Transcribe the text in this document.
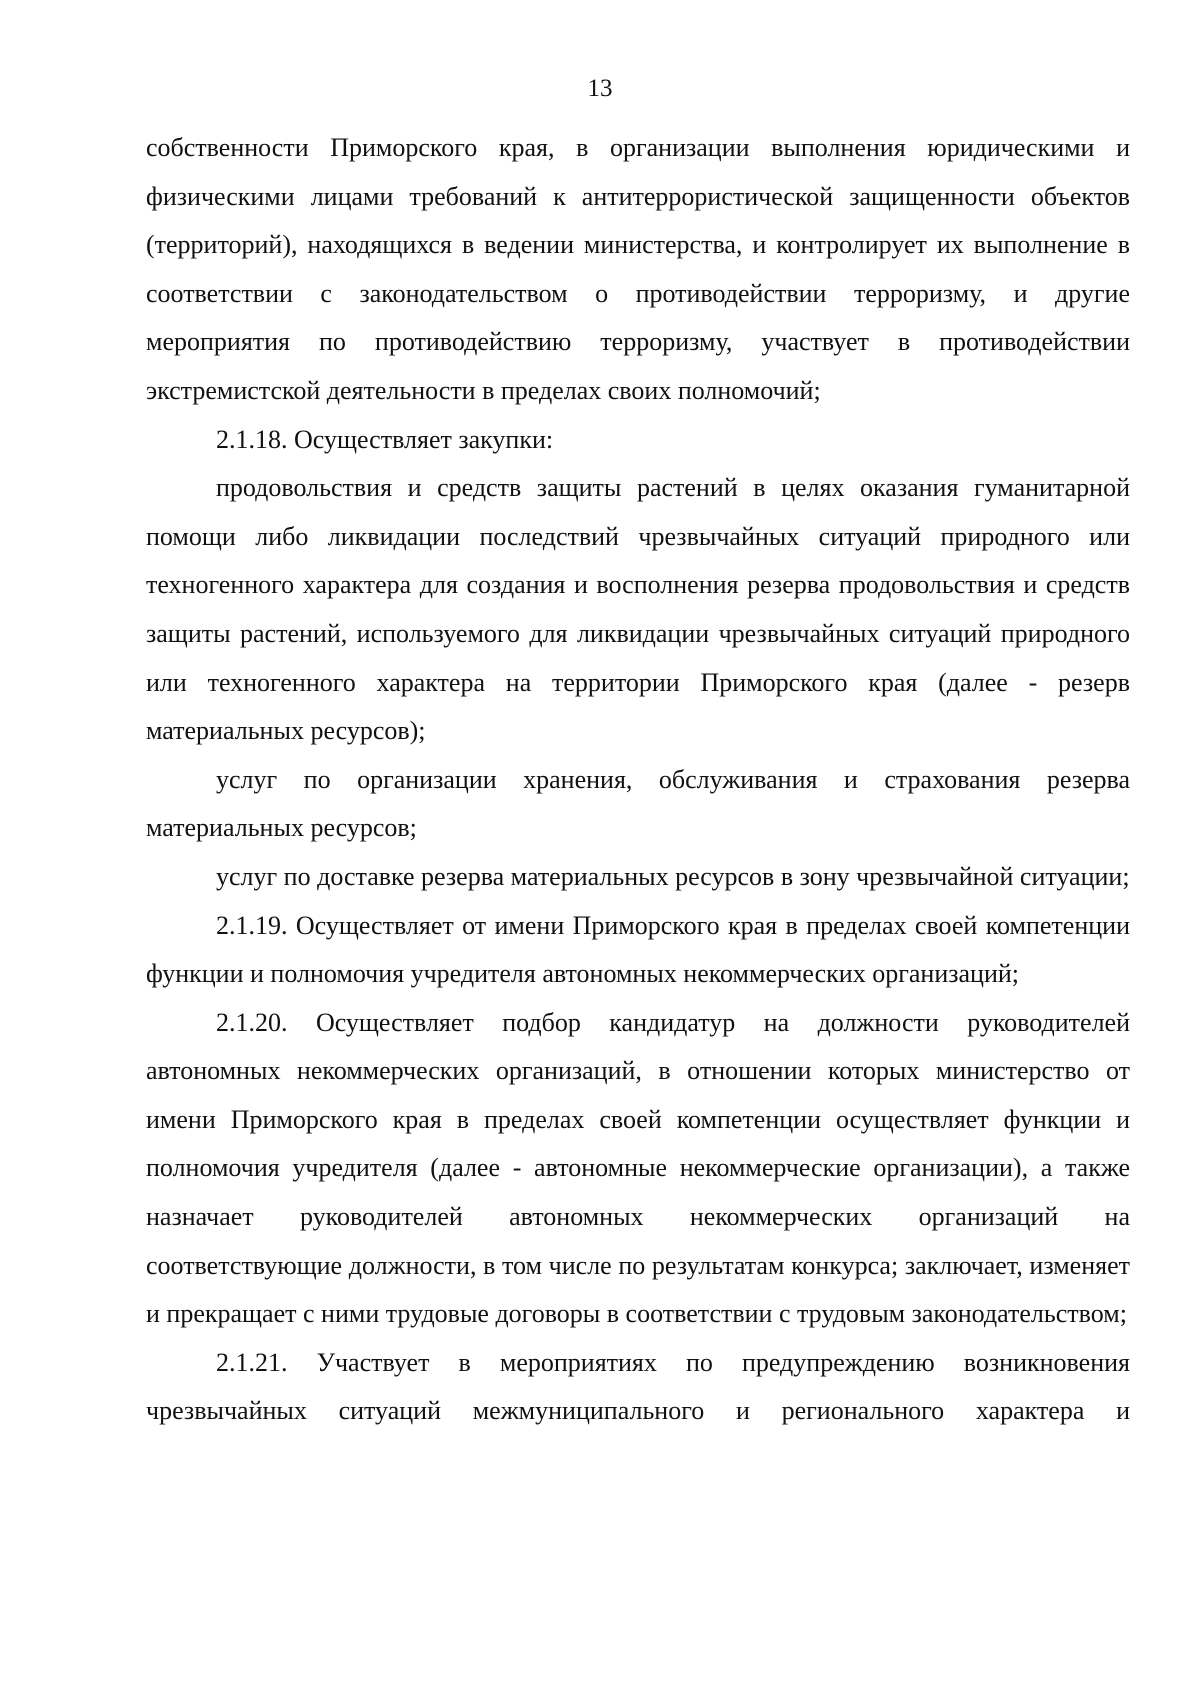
13

собственности Приморского края, в организации выполнения юридическими и физическими лицами требований к антитеррористической защищенности объектов (территорий), находящихся в ведении министерства, и контролирует их выполнение в соответствии с законодательством о противодействии терроризму, и другие мероприятия по противодействию терроризму, участвует в противодействии экстремистской деятельности в пределах своих полномочий;

2.1.18. Осуществляет закупки:

продовольствия и средств защиты растений в целях оказания гуманитарной помощи либо ликвидации последствий чрезвычайных ситуаций природного или техногенного характера для создания и восполнения резерва продовольствия и средств защиты растений, используемого для ликвидации чрезвычайных ситуаций природного или техногенного характера на территории Приморского края (далее - резерв материальных ресурсов);

услуг по организации хранения, обслуживания и страхования резерва материальных ресурсов;

услуг по доставке резерва материальных ресурсов в зону чрезвычайной ситуации;

2.1.19. Осуществляет от имени Приморского края в пределах своей компетенции функции и полномочия учредителя автономных некоммерческих организаций;

2.1.20. Осуществляет подбор кандидатур на должности руководителей автономных некоммерческих организаций, в отношении которых министерство от имени Приморского края в пределах своей компетенции осуществляет функции и полномочия учредителя (далее - автономные некоммерческие организации), а также назначает руководителей автономных некоммерческих организаций на соответствующие должности, в том числе по результатам конкурса; заключает, изменяет и прекращает с ними трудовые договоры в соответствии с трудовым законодательством;

2.1.21. Участвует в мероприятиях по предупреждению возникновения чрезвычайных ситуаций межмуниципального и регионального характера и
